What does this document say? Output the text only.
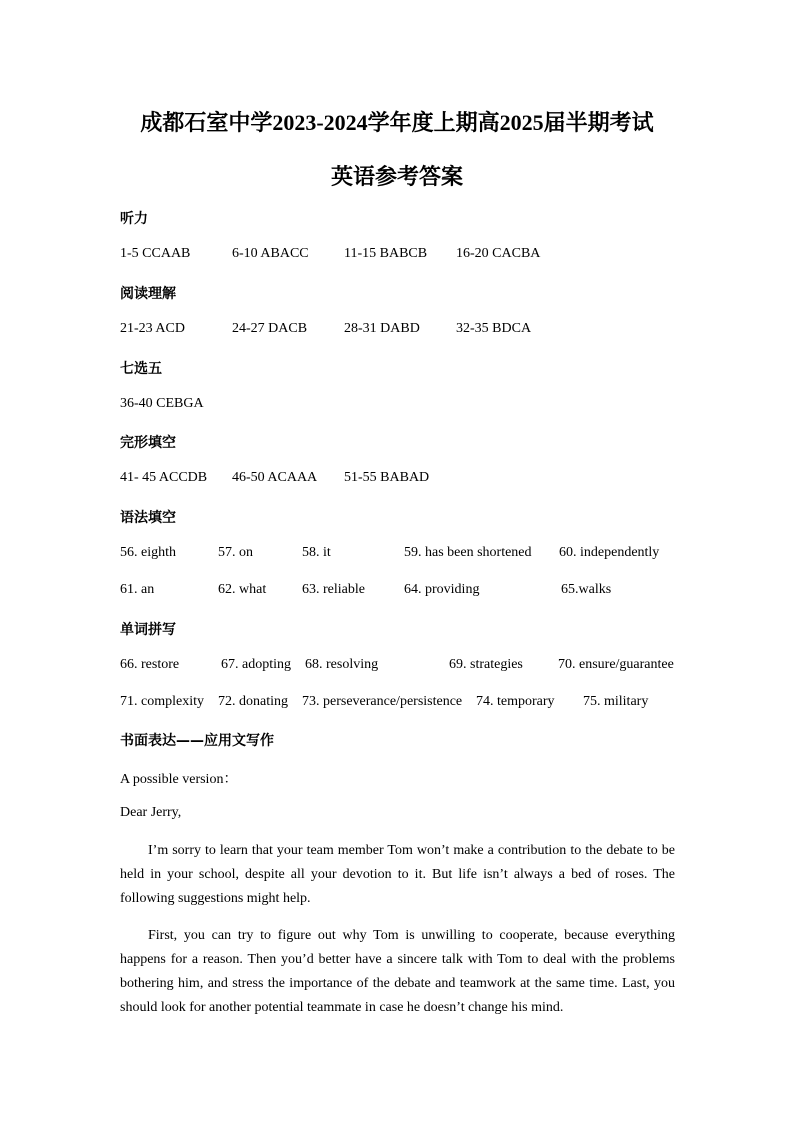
成都石室中学2023-2024学年度上期高2025届半期考试
英语参考答案
听力
1-5 CCAAB	6-10 ABACC	11-15 BABCB 16-20 CACBA
阅读理解
21-23 ACD	24-27 DACB	28-31 DABD	32-35 BDCA
七选五
36-40 CEBGA
完形填空
41- 45 ACCDB 46-50 ACAAA 51-55 BABAD
语法填空
56. eighth	57. on	58. it	59. has been shortened 60. independently
61. an	62. what	63. reliable	64. providing	65.walks
单词拼写
66. restore	67. adopting 68. resolving	69. strategies	70. ensure/guarantee
71. complexity 72. donating 73. perseverance/persistence 74. temporary 75. military
书面表达——应用文写作
A possible version：
Dear Jerry,
I’m sorry to learn that your team member Tom won’t make a contribution to the debate to be held in your school, despite all your devotion to it. But life isn’t always a bed of roses. The following suggestions might help.
First, you can try to figure out why Tom is unwilling to cooperate, because everything happens for a reason. Then you’d better have a sincere talk with Tom to deal with the problems bothering him, and stress the importance of the debate and teamwork at the same time. Last, you should look for another potential teammate in case he doesn’t change his mind.
